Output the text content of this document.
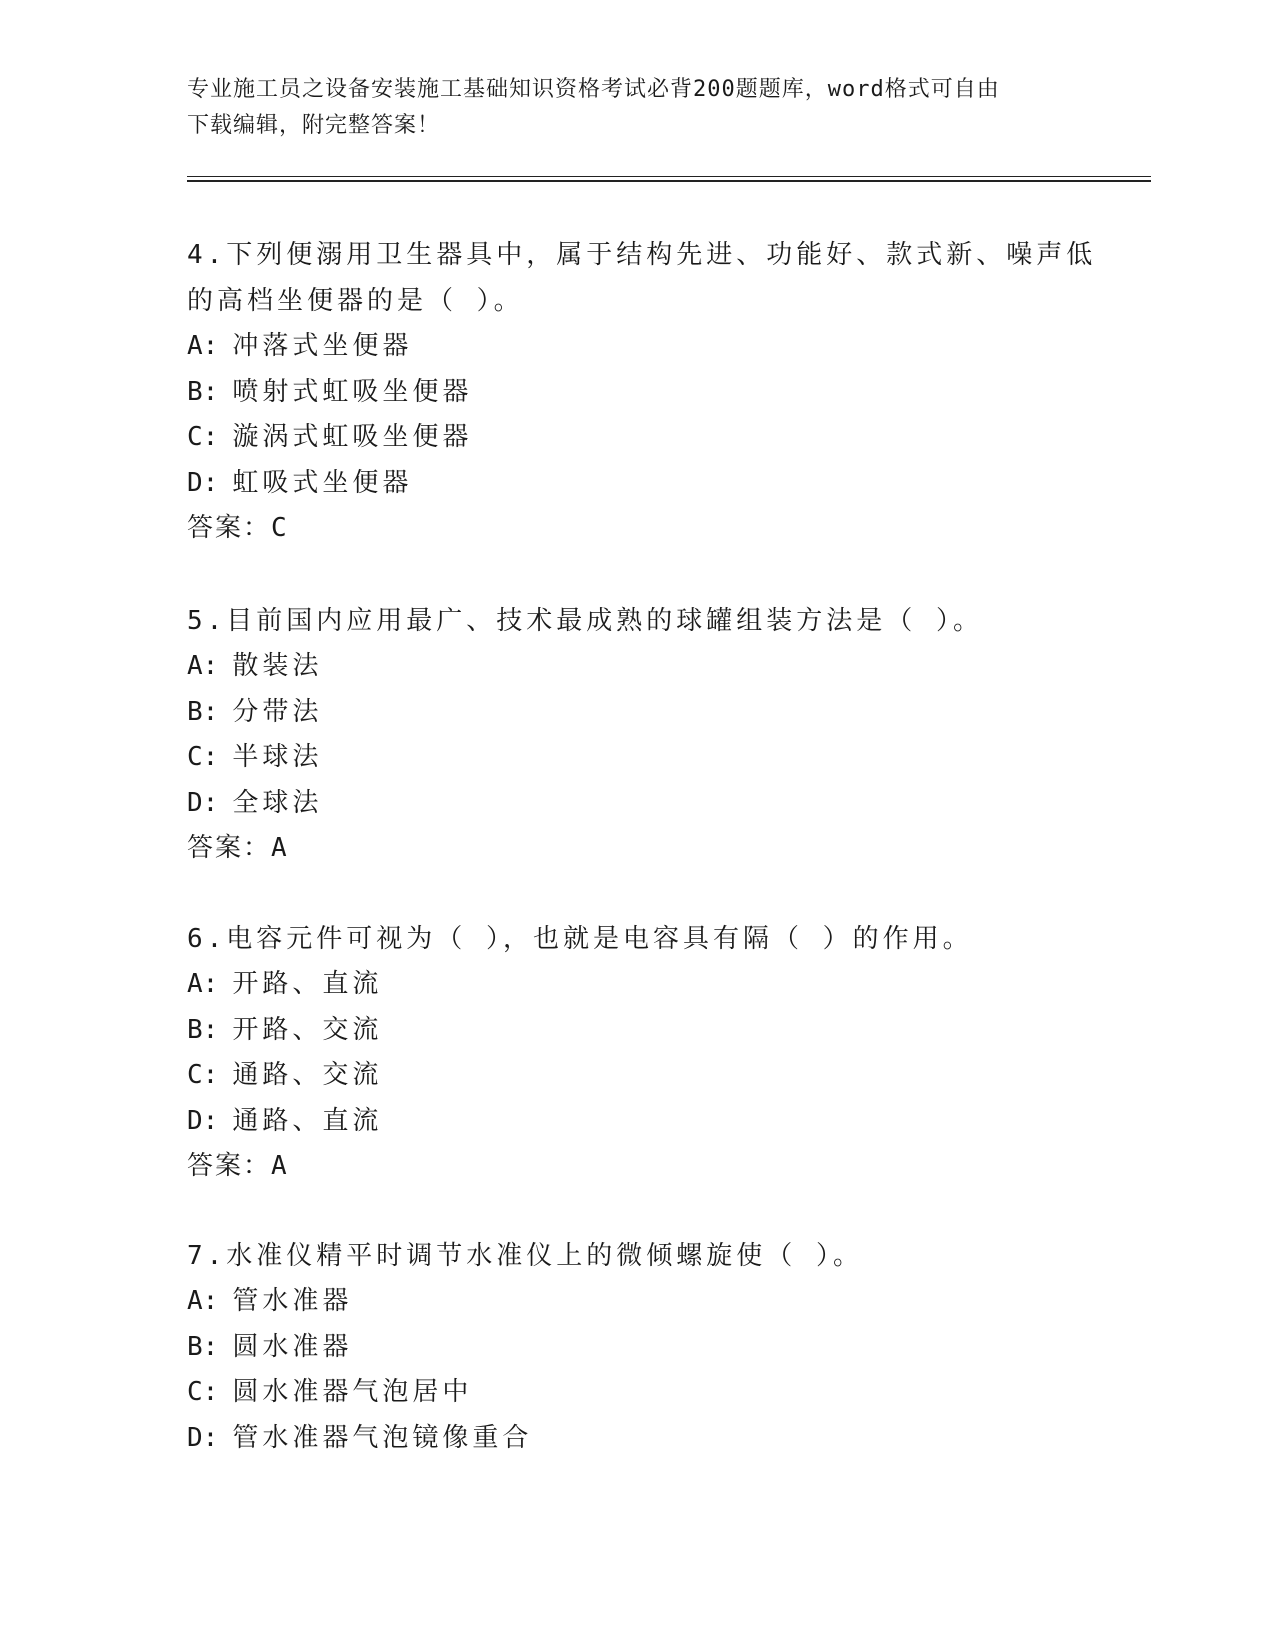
专业施工员之设备安装施工基础知识资格考试必背200题题库，word格式可自由
下载编辑，附完整答案！
4.下列便溺用卫生器具中，属于结构先进、功能好、款式新、噪声低
的高档坐便器的是（ ）。
A: 冲落式坐便器
B: 喷射式虹吸坐便器
C: 漩涡式虹吸坐便器
D: 虹吸式坐便器
答案：C
5.目前国内应用最广、技术最成熟的球罐组装方法是（ ）。
A: 散装法
B: 分带法
C: 半球法
D: 全球法
答案：A
6.电容元件可视为（ ），也就是电容具有隔（ ）的作用。
A: 开路、直流
B: 开路、交流
C: 通路、交流
D: 通路、直流
答案：A
7.水准仪精平时调节水准仪上的微倾螺旋使（ ）。
A: 管水准器
B: 圆水准器
C: 圆水准器气泡居中
D: 管水准器气泡镜像重合
